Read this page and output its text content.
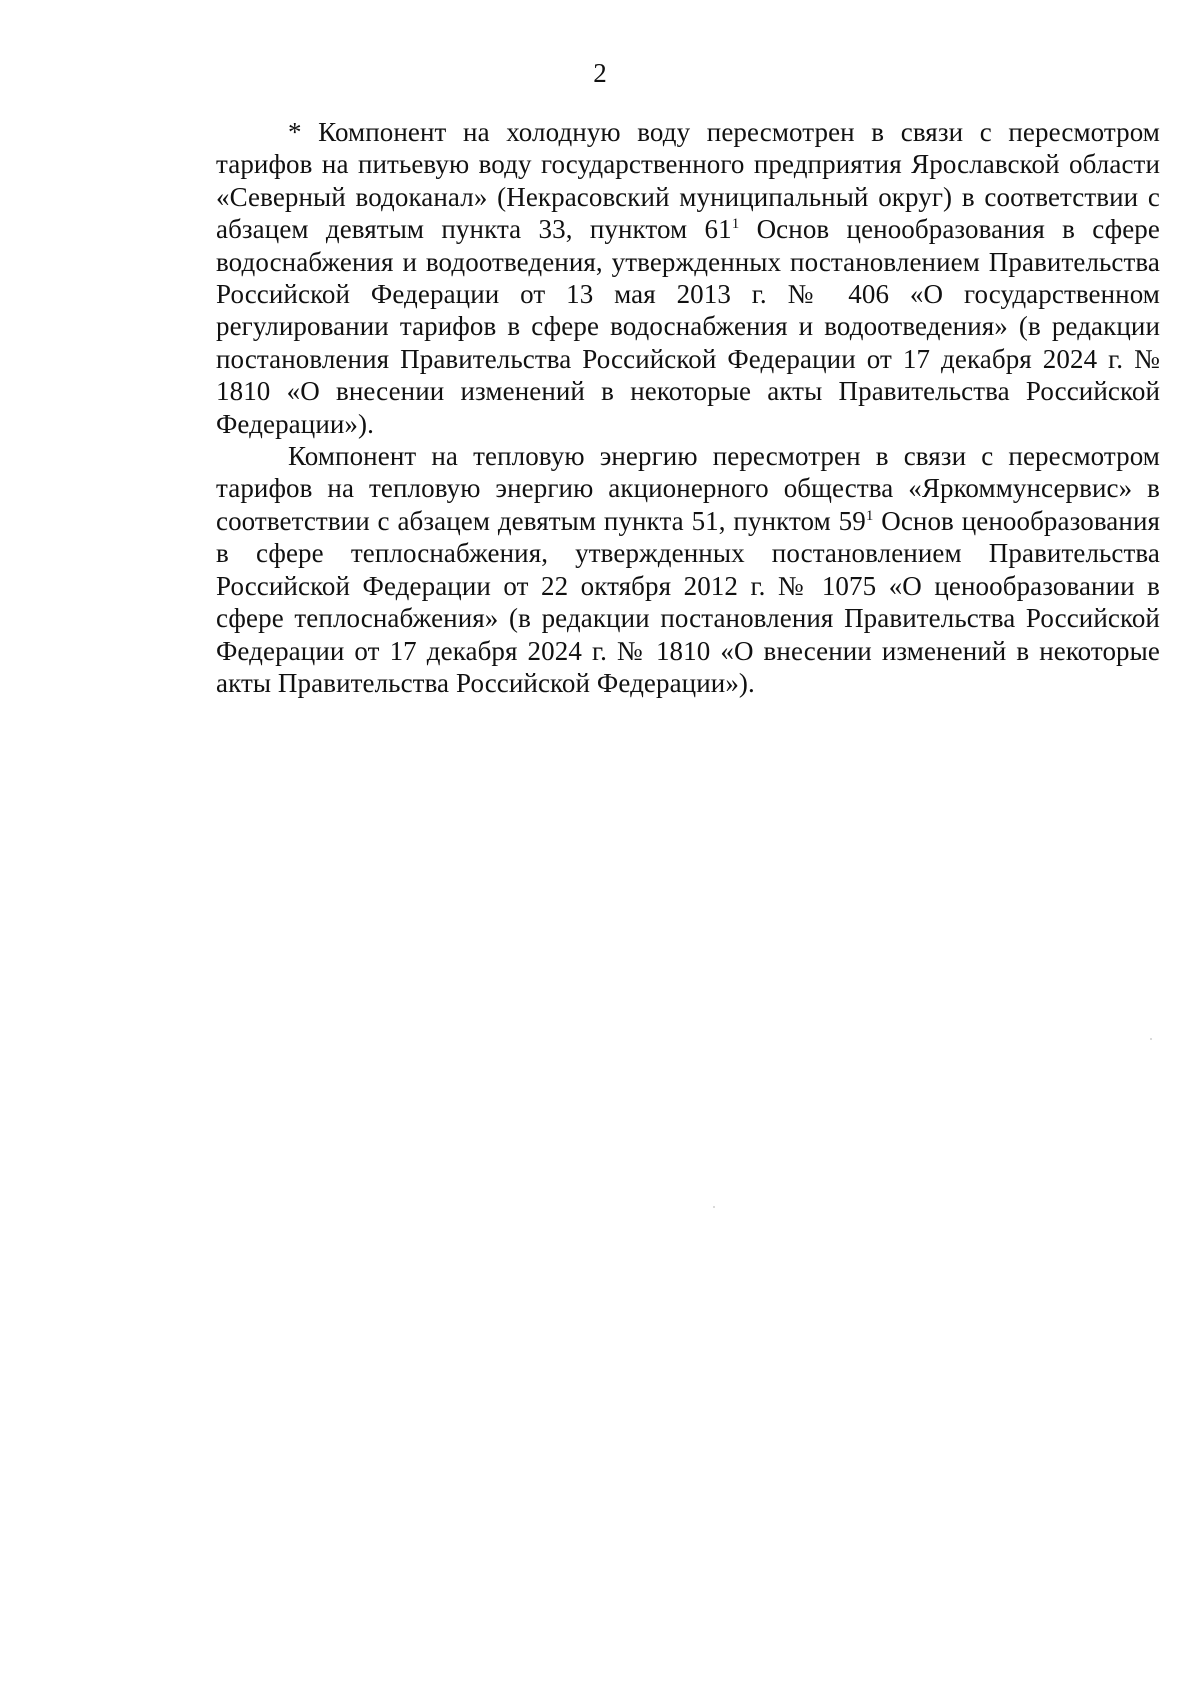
2

* Компонент на холодную воду пересмотрен в связи с пересмотром тарифов на питьевую воду государственного предприятия Ярославской области «Северный водоканал» (Некрасовский муниципальный округ) в соответствии с абзацем девятым пункта 33, пунктом $61^1$ Основ ценообразования в сфере водоснабжения и водоотведения, утвержденных постановлением Правительства Российской Федерации от 13 мая 2013 г. № 406 «О государственном регулировании тарифов в сфере водоснабжения и водоотведения» (в редакции постановления Правительства Российской Федерации от 17 декабря 2024 г. № 1810 «О внесении изменений в некоторые акты Правительства Российской Федерации»).

Компонент на тепловую энергию пересмотрен в связи с пересмотром тарифов на тепловую энергию акционерного общества «Яркоммунсервис» в соответствии с абзацем девятым пункта 51, пунктом $59^1$ Основ ценообразования в сфере теплоснабжения, утвержденных постановлением Правительства Российской Федерации от 22 октября 2012 г. № 1075 «О ценообразовании в сфере теплоснабжения» (в редакции постановления Правительства Российской Федерации от 17 декабря 2024 г. № 1810 «О внесении изменений в некоторые акты Правительства Российской Федерации»).
